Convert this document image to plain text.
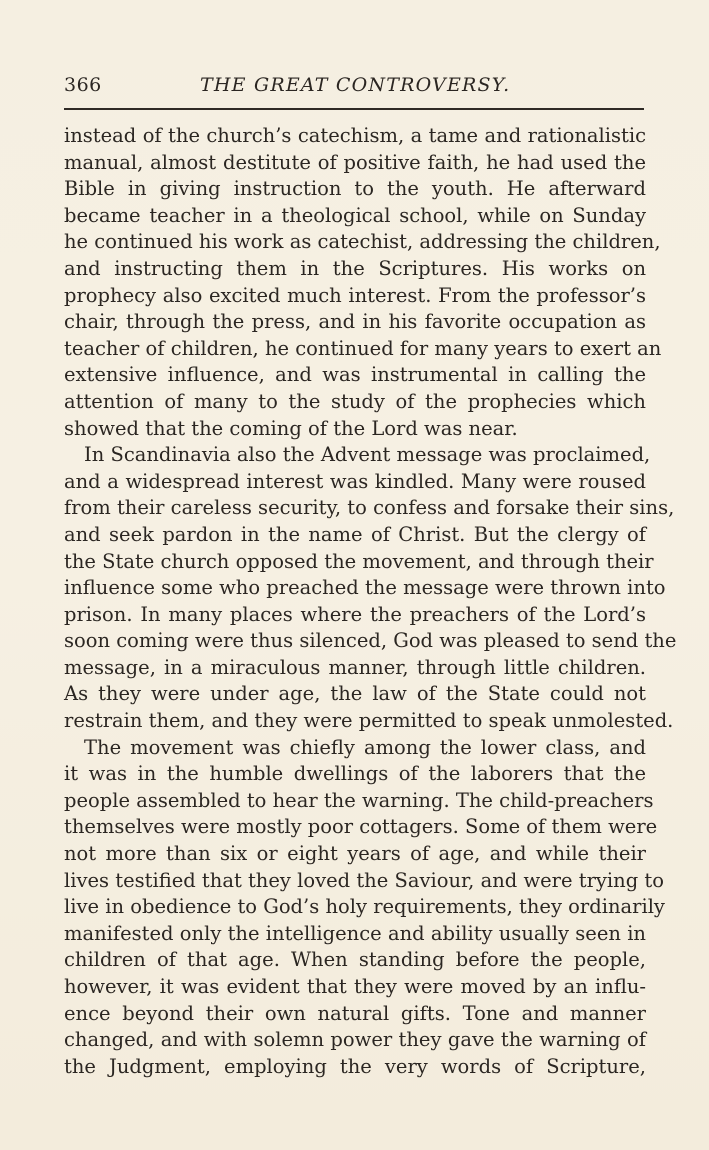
366	THE GREAT CONTROVERSY.
instead of the church’s catechism, a tame and rationalistic
manual, almost destitute of positive faith, he had used the
Bible in giving instruction to the youth. He afterward
became teacher in a theological school, while on Sunday
he continued his work as catechist, addressing the children,
and instructing them in the Scriptures. His works on
prophecy also excited much interest. From the professor’s
chair, through the press, and in his favorite occupation as
teacher of children, he continued for many years to exert an
extensive influence, and was instrumental in calling the
attention of many to the study of the prophecies which
showed that the coming of the Lord was near.
In Scandinavia also the Advent message was proclaimed,
and a widespread interest was kindled. Many were roused
from their careless security, to confess and forsake their sins,
and seek pardon in the name of Christ. But the clergy of
the State church opposed the movement, and through their
influence some who preached the message were thrown into
prison. In many places where the preachers of the Lord’s
soon coming were thus silenced, God was pleased to send the
message, in a miraculous manner, through little children.
As they were under age, the law of the State could not
restrain them, and they were permitted to speak unmolested.
The movement was chiefly among the lower class, and
it was in the humble dwellings of the laborers that the
people assembled to hear the warning. The child-preachers
themselves were mostly poor cottagers. Some of them were
not more than six or eight years of age, and while their
lives testified that they loved the Saviour, and were trying to
live in obedience to God’s holy requirements, they ordinarily
manifested only the intelligence and ability usually seen in
children of that age. When standing before the people,
however, it was evident that they were moved by an influ-
ence beyond their own natural gifts. Tone and manner
changed, and with solemn power they gave the warning of
the Judgment, employing the very words of Scripture,
